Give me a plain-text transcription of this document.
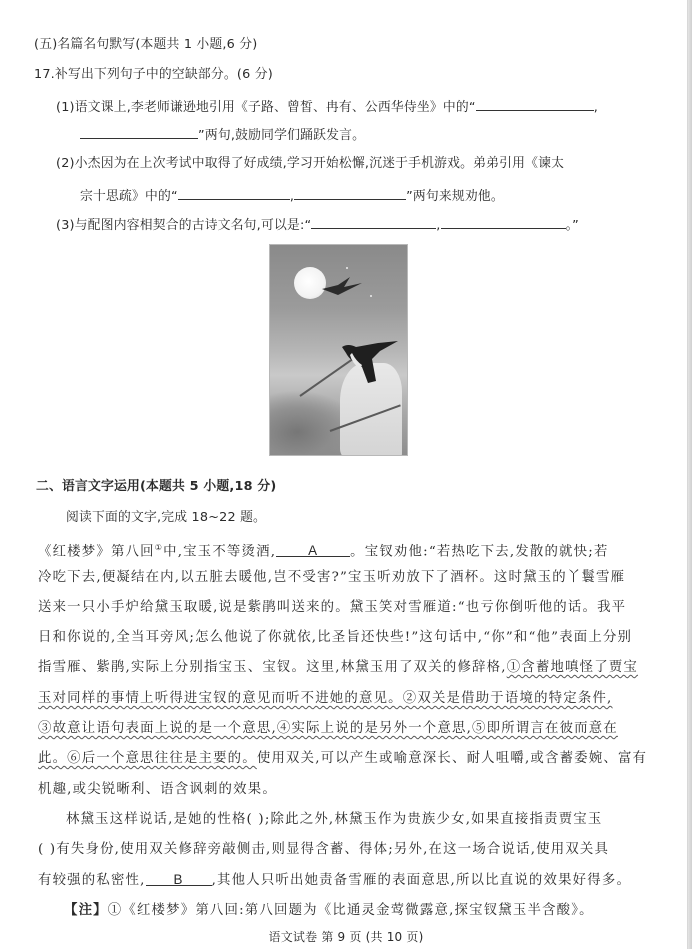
(五)名篇名句默写(本题共 1 小题,6 分)
17.补写出下列句子中的空缺部分。(6 分)
(1)语文课上,李老师谦逊地引用《子路、曾皙、冉有、公西华侍坐》中的“	,
”两句,鼓励同学们踊跃发言。
(2)小杰因为在上次考试中取得了好成绩,学习开始松懈,沉迷于手机游戏。弟弟引用《谏太
宗十思疏》中的“	,	”两句来规劝他。
(3)与配图内容相契合的古诗文名句,可以是:“	,	。”
二、语言文字运用(本题共 5 小题,18 分)
阅读下面的文字,完成 18~22 题。
《红楼梦》第八回①中,宝玉不等烫酒, A 。宝钗劝他:“若热吃下去,发散的就快;若
冷吃下去,便凝结在内,以五脏去暖他,岂不受害?”宝玉听劝放下了酒杯。这时黛玉的丫鬟雪雁
送来一只小手炉给黛玉取暖,说是紫鹃叫送来的。黛玉笑对雪雁道:“也亏你倒听他的话。我平
日和你说的,全当耳旁风;怎么他说了你就依,比圣旨还快些!”这句话中,“你”和“他”表面上分别
指雪雁、紫鹃,实际上分别指宝玉、宝钗。这里,林黛玉用了双关的修辞格,①含蓄地嗔怪了贾宝
玉对同样的事情上听得进宝钗的意见而听不进她的意见。②双关是借助于语境的特定条件,
③故意让语句表面上说的是一个意思,④实际上说的是另外一个意思,⑤即所谓言在彼而意在
此。⑥后一个意思往往是主要的。使用双关,可以产生或喻意深长、耐人咀嚼,或含蓄委婉、富有
机趣,或尖锐晰利、语含讽刺的效果。
林黛玉这样说话,是她的性格( );除此之外,林黛玉作为贵族少女,如果直接指责贾宝玉
( )有失身份,使用双关修辞旁敲侧击,则显得含蓄、得体;另外,在这一场合说话,使用双关具
有较强的私密性, B ,其他人只听出她责备雪雁的表面意思,所以比直说的效果好得多。
【注】①《红楼梦》第八回:第八回题为《比通灵金莺微露意,探宝钗黛玉半含酸》。
语文试卷 第 9 页 (共 10 页)
